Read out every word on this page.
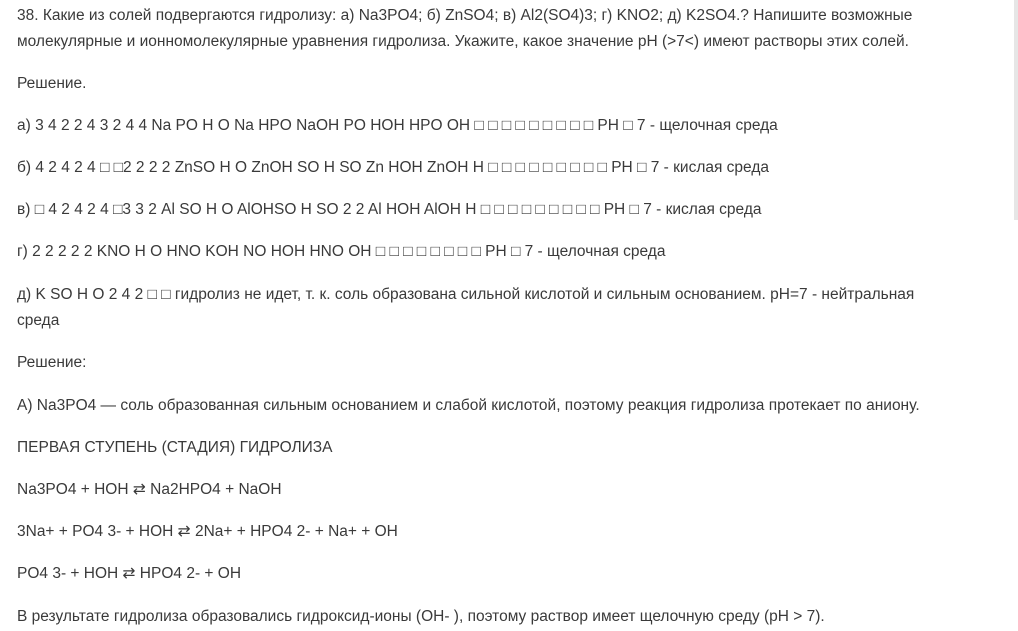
38. Какие из солей подвергаются гидролизу: а) Na3PO4; б) ZnSO4; в) Al2(SO4)3; г) KNO2; д) K2SO4.? Напишите возможные
молекулярные и ионномолекулярные уравнения гидролиза. Укажите, какое значение pH (>7<) имеют растворы этих солей.
Решение.
а) 3 4 2 2 4 3 2 4 4 Na PO H O Na HPO NaOH PO HOH HPO OH □ □ □ □ □ □ □ □ □ PH □ 7 - щелочная среда
б) 4 2 4 2 4 □ □2 2 2 2 ZnSO H O ZnOH SO H SO Zn HOH ZnOH H □ □ □ □ □ □ □ □ □ PH □ 7 - кислая среда
в) □ 4 2 4 2 4 □3 3 2 Al SO H O AlOHSO H SO 2 2 Al HOH AlOH H □ □ □ □ □ □ □ □ □ PH □ 7 - кислая среда
г) 2 2 2 2 2 KNO H O HNO KOH NO HOH HNO OH □ □ □ □ □ □ □ □ PH □ 7 - щелочная среда
д) K SO H O 2 4 2 □ □ гидролиз не идет, т. к. соль образована сильной кислотой и сильным основанием. pH=7 - нейтральная
среда
Решение:
А) Na3PO4 — соль образованная сильным основанием и слабой кислотой, поэтому реакция гидролиза протекает по аниону.
ПЕРВАЯ СТУПЕНЬ (СТАДИЯ) ГИДРОЛИЗА
Na3PO4 + HOH ⇄ Na2HPO4 + NaOH
3Na+ + PO4 3- + HOH ⇄ 2Na+ + HPO4 2- + Na+ + OH
PO4 3- + HOH ⇄ HPO4 2- + OH
В результате гидролиза образовались гидроксид-ионы (OH- ), поэтому раствор имеет щелочную среду (pH > 7).
